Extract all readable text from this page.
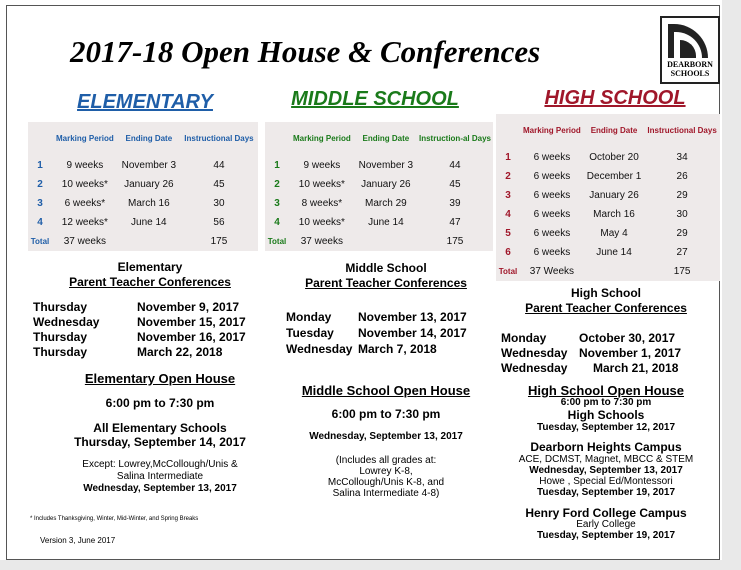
2017-18 Open House & Conferences	DEARBORN
SCHOOLS
ELEMENTARY
	Marking Period	Ending Date	Instructional Days
1	9 weeks	November 3	44
2	10 weeks*	January 26	45
3	6 weeks*	March 16	30
4	12 weeks*	June 14	56
Total	37 weeks		175
Elementary
Parent Teacher Conferences
Thursday	November 9, 2017
Wednesday	November 15, 2017
Thursday	November 16, 2017
Thursday	March 22, 2018
Elementary Open House
6:00 pm to 7:30 pm
All Elementary Schools
Thursday, September 14, 2017
Except: Lowrey,McCollough/Unis &
Salina Intermediate
Wednesday, September 13, 2017
* Includes Thanksgiving, Winter, Mid-Winter, and Spring Breaks
Version 3, June 2017
MIDDLE SCHOOL
	Marking Period	Ending Date	Instruction-al Days
1	9 weeks	November 3	44
2	10 weeks*	January 26	45
3	8 weeks*	March 29	39
4	10 weeks*	June 14	47
Total	37 weeks		175
Middle School
Parent Teacher Conferences
Monday	November 13, 2017
Tuesday	November 14, 2017
Wednesday March 7, 2018
Middle School Open House
6:00 pm to 7:30 pm
Wednesday, September 13, 2017
(Includes all grades at:
Lowrey K-8,
McCollough/Unis K-8, and
Salina Intermediate 4-8)
HIGH SCHOOL
	Marking Period	Ending Date	Instructional Days
1	6 weeks	October 20	34
2	6 weeks	December 1	26
3	6 weeks	January 26	29
4	6 weeks	March 16	30
5	6 weeks	May 4	29
6	6 weeks	June 14	27
Total	37 Weeks		175
High School
Parent Teacher Conferences
Monday	October 30, 2017
Wednesday November 1, 2017
Wednesday	March 21, 2018
High School Open House
6:00 pm to 7:30 pm
High Schools
Tuesday, September 12, 2017
Dearborn Heights Campus
ACE, DCMST, Magnet, MBCC & STEM
Wednesday, September 13, 2017
Howe , Special Ed/Montessori
Tuesday, September 19, 2017
Henry Ford College Campus
Early College
Tuesday, September 19, 2017
